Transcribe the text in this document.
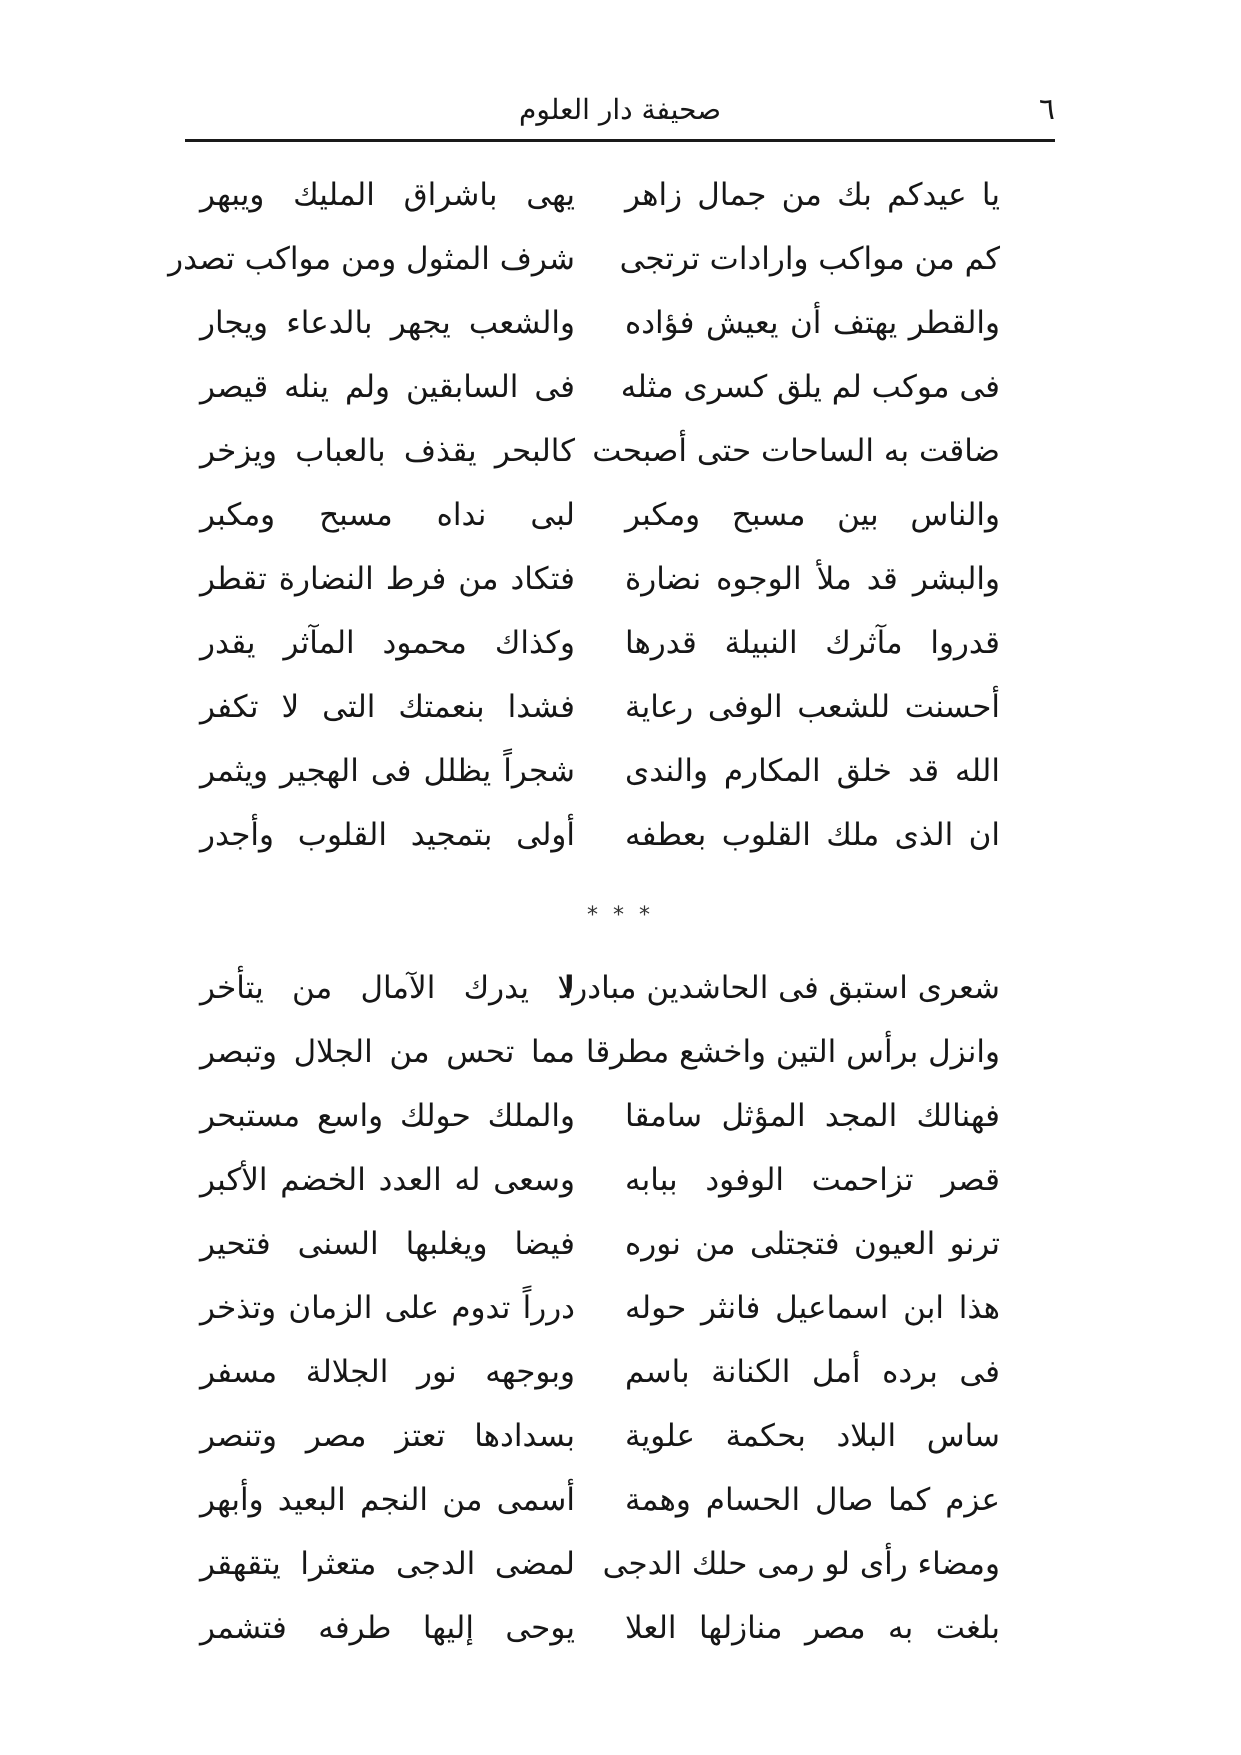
٦
صحيفة دار العلوم
يا عيدكم بك من جمال زاهر
يهى باشراق المليك ويبهر
كم من مواكب وارادات ترتجى
شرف المثول ومن مواكب تصدر
والقطر يهتف أن يعيش فؤاده
والشعب يجهر بالدعاء ويجار
فى موكب لم يلق كسرى مثله
فى السابقين ولم ينله قيصر
ضاقت به الساحات حتى أصبحت
كالبحر يقذف بالعباب ويزخر
والناس بين مسبح ومكبر
لبى نداه مسبح ومكبر
والبشر قد ملأ الوجوه نضارة
فتكاد من فرط النضارة تقطر
قدروا مآثرك النبيلة قدرها
وكذاك محمود المآثر يقدر
أحسنت للشعب الوفى رعاية
فشدا بنعمتك التى لا تكفر
الله قد خلق المكارم والندى
شجراً يظلل فى الهجير ويثمر
ان الذى ملك القلوب بعطفه
أولى بتمجيد القلوب وأجدر
* * *
شعرى استبق فى الحاشدين مبادرا
لا يدرك الآمال من يتأخر
وانزل برأس التين واخشع مطرقا
مما تحس من الجلال وتبصر
فهنالك المجد المؤثل سامقا
والملك حولك واسع مستبحر
قصر تزاحمت الوفود ببابه
وسعى له العدد الخضم الأكبر
ترنو العيون فتجتلى من نوره
فيضا ويغلبها السنى فتحير
هذا ابن اسماعيل فانثر حوله
درراً تدوم على الزمان وتذخر
فى برده أمل الكنانة باسم
وبوجهه نور الجلالة مسفر
ساس البلاد بحكمة علوية
بسدادها تعتز مصر وتنصر
عزم كما صال الحسام وهمة
أسمى من النجم البعيد وأبهر
ومضاء رأى لو رمى حلك الدجى
لمضى الدجى متعثرا يتقهقر
بلغت به مصر منازلها العلا
يوحى إليها طرفه فتشمر
